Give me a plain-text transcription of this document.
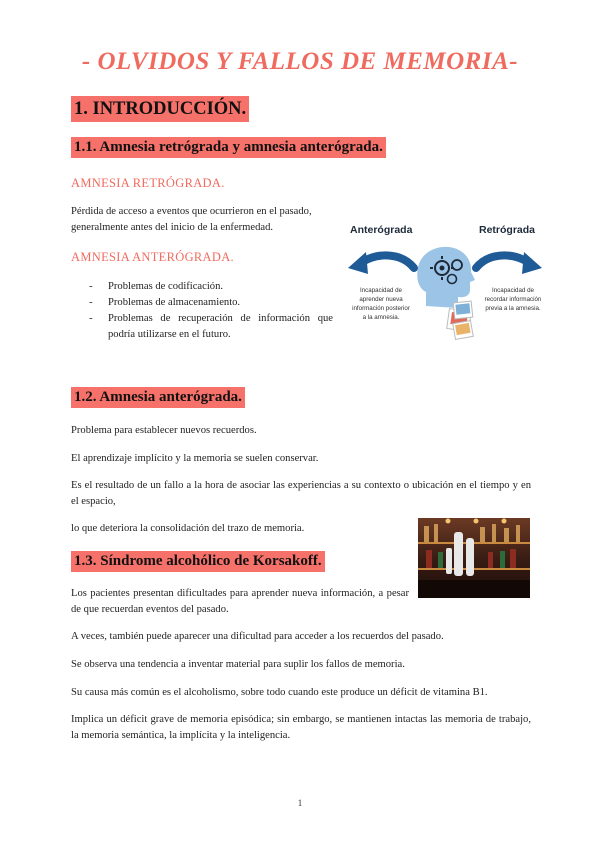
- OLVIDOS Y FALLOS DE MEMORIA-
1. INTRODUCCIÓN.
1.1. Amnesia retrógrada y amnesia anterógrada.
AMNESIA RETRÓGRADA.

Pérdida de acceso a eventos que ocurrieron en el pasado, generalmente antes del inicio de la enfermedad.

AMNESIA ANTERÓGRADA.
- Problemas de codificación.
- Problemas de almacenamiento.
- Problemas de recuperación de información que podría utilizarse en el futuro.
Anterógrada	Retrógrada
Incapacidad de aprender nueva información posterior a la amnesia.
Incapacidad de recordar información previa a la amnesia.
1.2. Amnesia anterógrada.

Problema para establecer nuevos recuerdos.

El aprendizaje implícito y la memoria se suelen conservar.

Es el resultado de un fallo a la hora de asociar las experiencias a su contexto o ubicación en el tiempo y en el espacio,

lo que deteriora la consolidación del trazo de memoria.

1.3. Síndrome alcohólico de Korsakoff.

Los pacientes presentan dificultades para aprender nueva información, a pesar de que recuerdan eventos del pasado.

A veces, también puede aparecer una dificultad para acceder a los recuerdos del pasado.

Se observa una tendencia a inventar material para suplir los fallos de memoria.

Su causa más común es el alcoholismo, sobre todo cuando este produce un déficit de vitamina B1.

Implica un déficit grave de memoria episódica; sin embargo, se mantienen intactas las memoria de trabajo, la memoria semántica, la implícita y la inteligencia.

1
